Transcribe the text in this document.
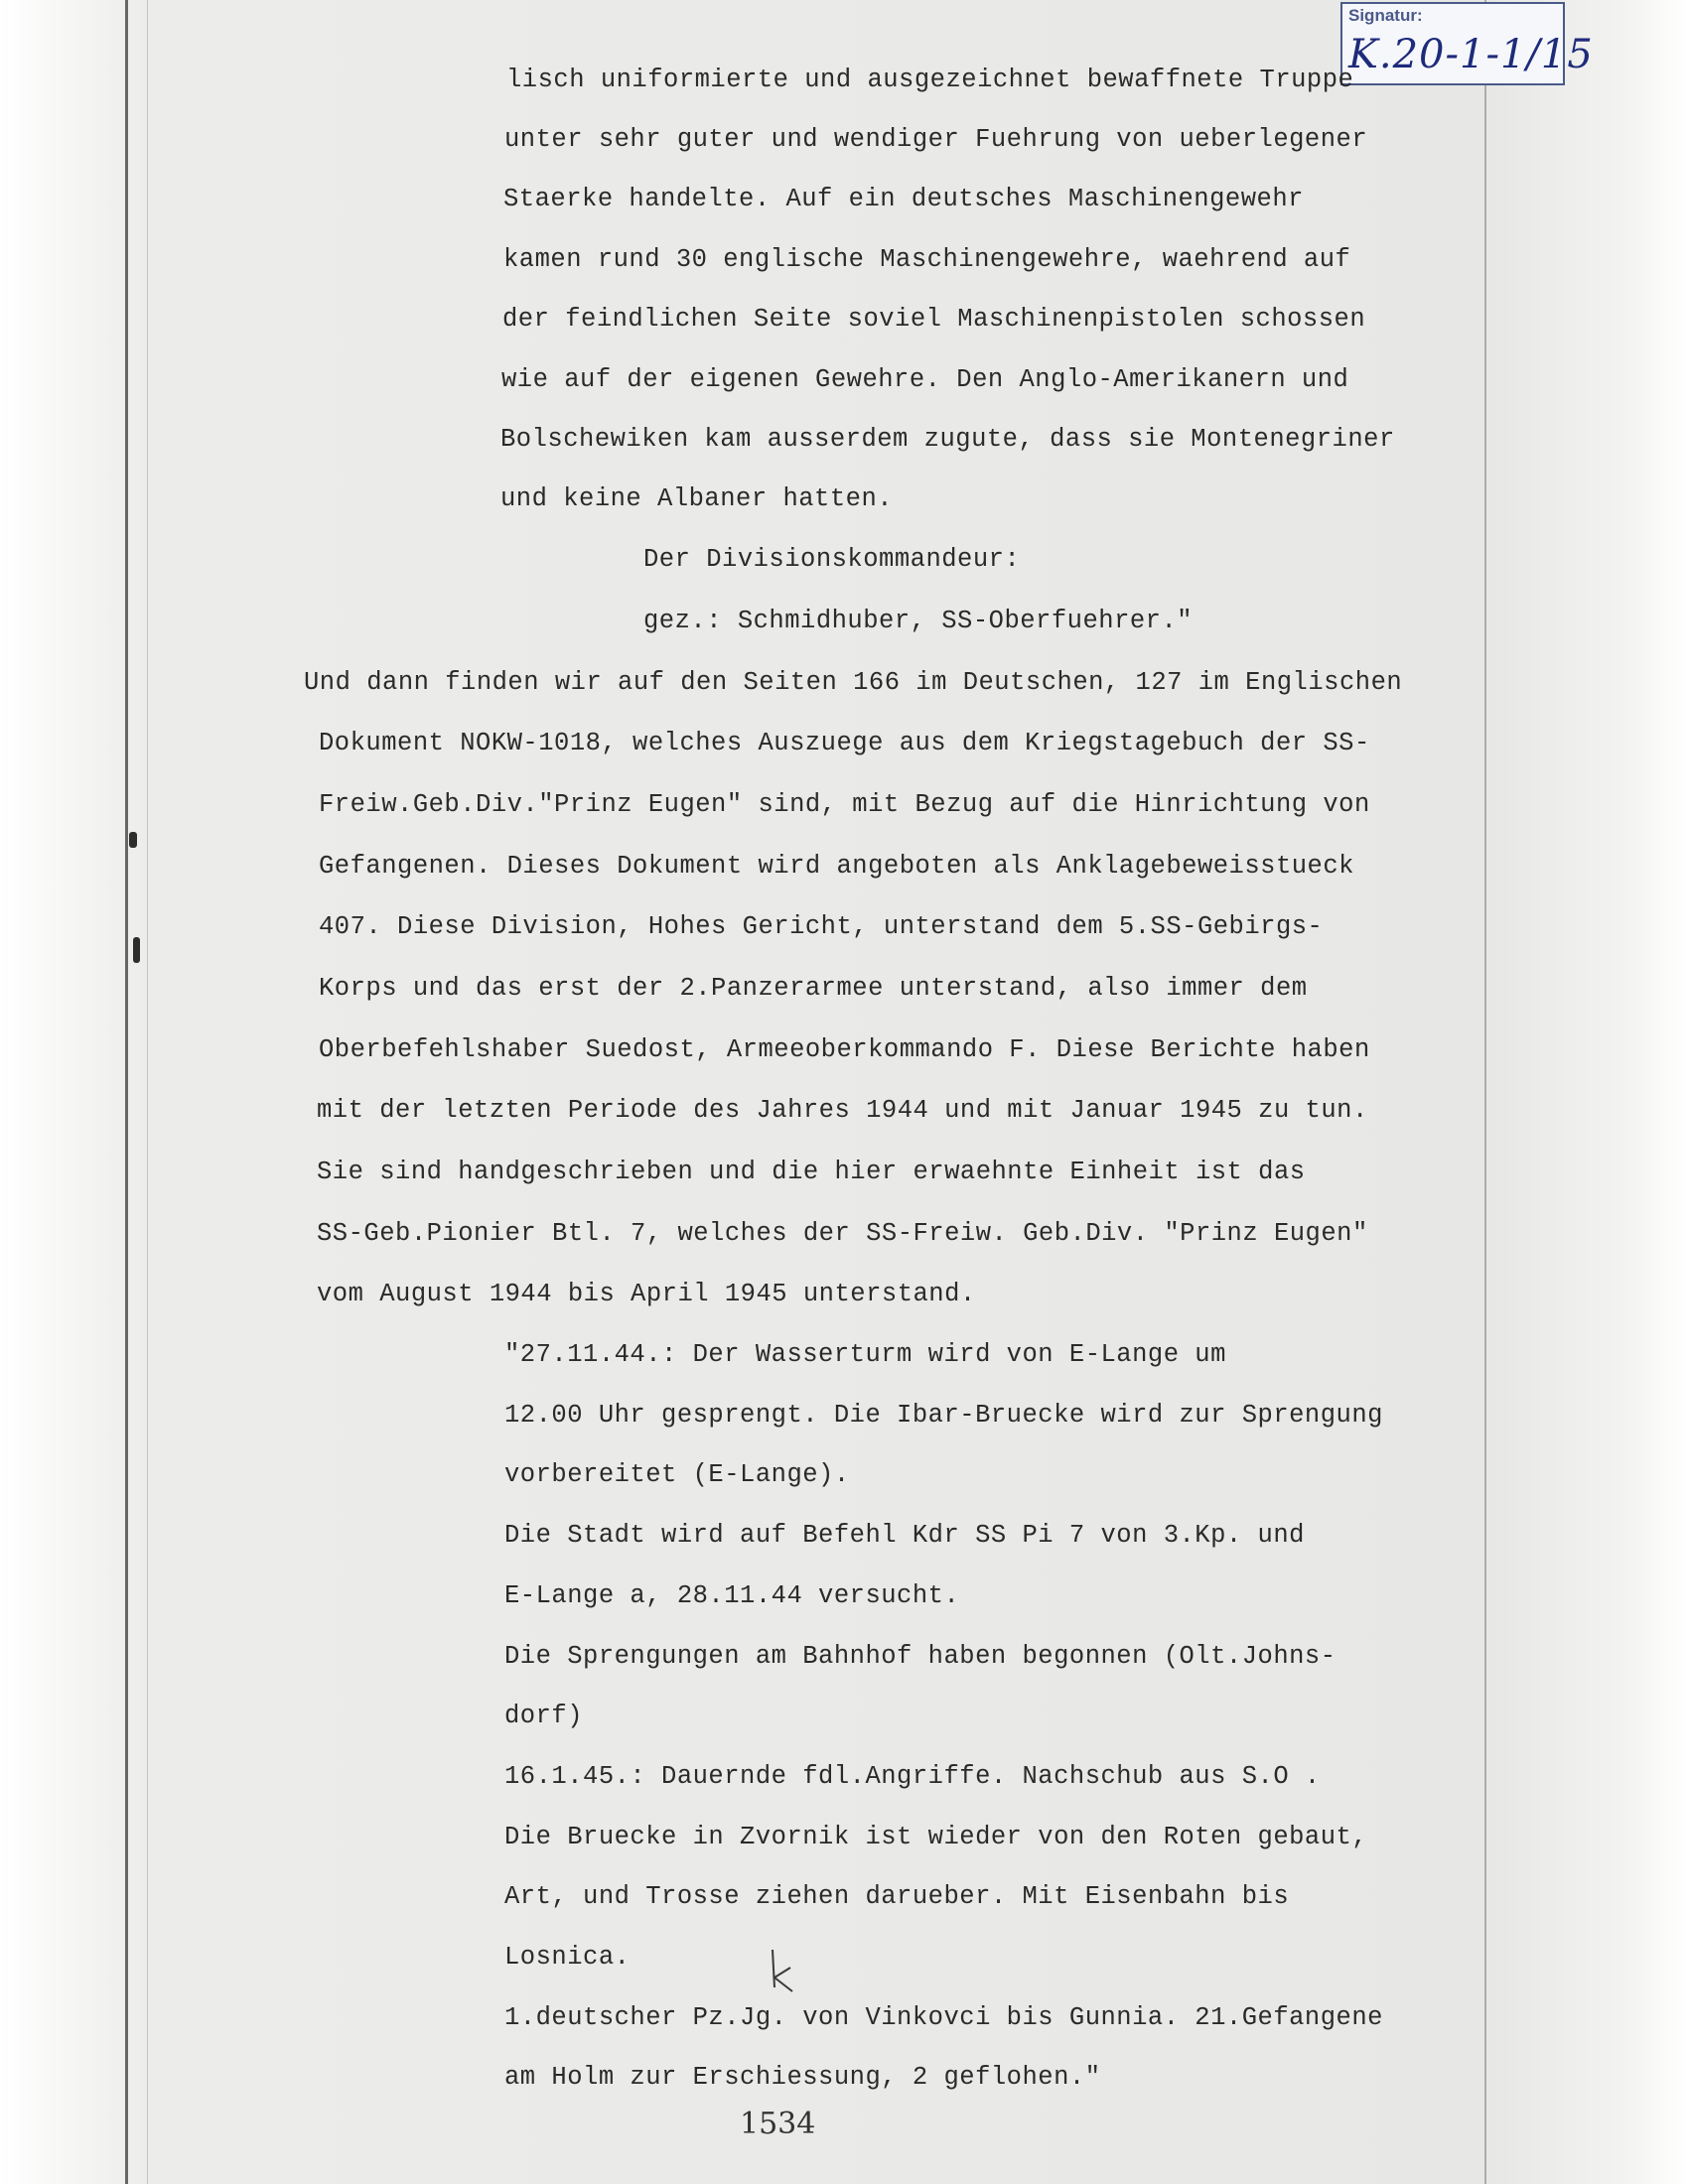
Signatur:
K.20-1-1/15
lisch uniformierte und ausgezeichnet bewaffnete Truppe
unter sehr guter und wendiger Fuehrung von ueberlegener
Staerke handelte. Auf ein deutsches Maschinengewehr
kamen rund 30 englische Maschinengewehre, waehrend auf
der feindlichen Seite soviel Maschinenpistolen schossen
wie auf der eigenen Gewehre. Den Anglo-Amerikanern und
Bolschewiken kam ausserdem zugute, dass sie Montenegriner
und keine Albaner hatten.
Der Divisionskommandeur:
gez.: Schmidhuber, SS-Oberfuehrer."
Und dann finden wir auf den Seiten 166 im Deutschen, 127 im Englischen
Dokument NOKW-1018, welches Auszuege aus dem Kriegstagebuch der SS-
Freiw.Geb.Div."Prinz Eugen" sind, mit Bezug auf die Hinrichtung von
Gefangenen. Dieses Dokument wird angeboten als Anklagebeweisstueck
407. Diese Division, Hohes Gericht, unterstand dem 5.SS-Gebirgs-
Korps und das erst der 2.Panzerarmee unterstand, also immer dem
Oberbefehlshaber Suedost, Armeeoberkommando F. Diese Berichte haben
mit der letzten Periode des Jahres 1944 und mit Januar 1945 zu tun.
Sie sind handgeschrieben und die hier erwaehnte Einheit ist das
SS-Geb.Pionier Btl. 7, welches der SS-Freiw. Geb.Div. "Prinz Eugen"
vom August 1944 bis April 1945 unterstand.
"27.11.44.: Der Wasserturm wird von E-Lange um
12.00 Uhr gesprengt. Die Ibar-Bruecke wird zur Sprengung
vorbereitet (E-Lange).
Die Stadt wird auf Befehl Kdr SS Pi 7 von 3.Kp. und
E-Lange a, 28.11.44 versucht.
Die Sprengungen am Bahnhof haben begonnen (Olt.Johns-
dorf)
16.1.45.: Dauernde fdl.Angriffe. Nachschub aus S.O .
Die Bruecke in Zvornik ist wieder von den Roten gebaut,
Art, und Trosse ziehen darueber. Mit Eisenbahn bis
Losnica.
1.deutscher Pz.Jg. von Vinkovci bis Gunnia. 21.Gefangene
am Holm zur Erschiessung, 2 geflohen."
1534
